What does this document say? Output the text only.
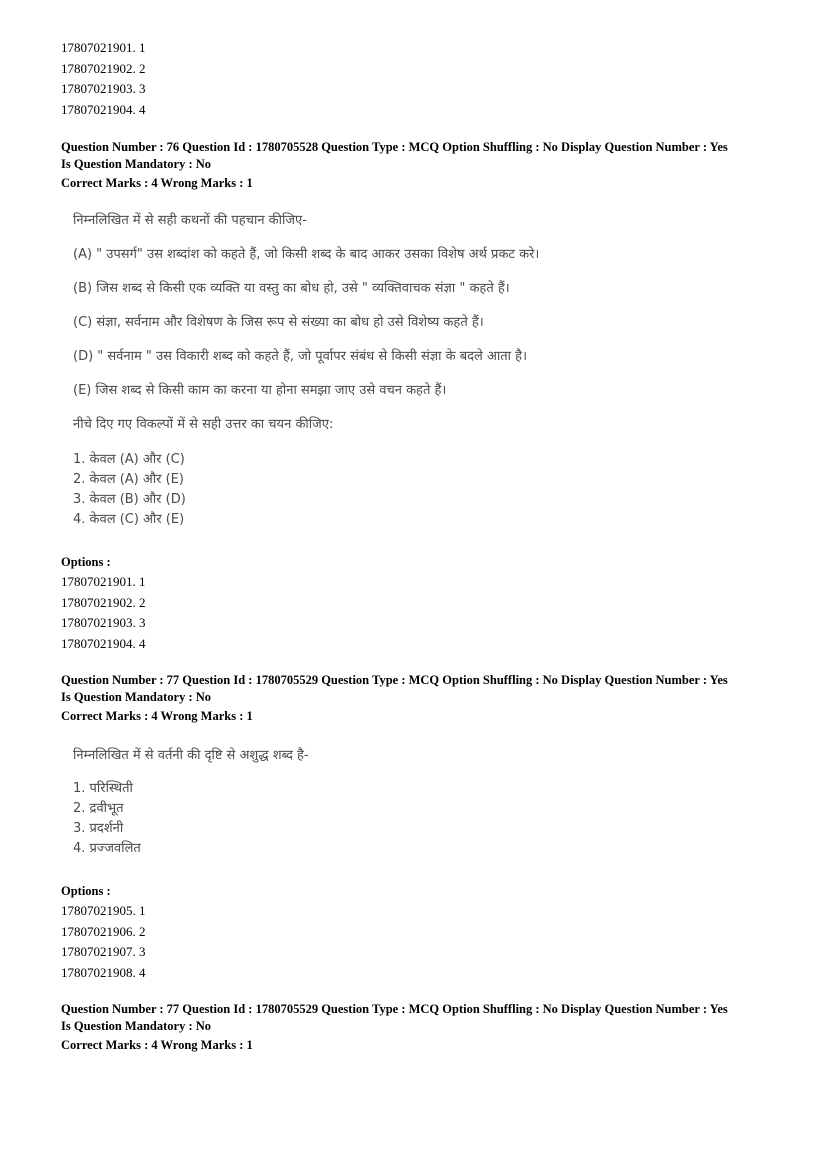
17807021901. 1
17807021902. 2
17807021903. 3
17807021904. 4
Question Number : 76 Question Id : 1780705528 Question Type : MCQ Option Shuffling : No Display Question Number : Yes
Is Question Mandatory : No
Correct Marks : 4 Wrong Marks : 1
निम्नलिखित में से सही कथनों की पहचान कीजिए-
(A) " उपसर्ग" उस शब्दांश को कहते हैं, जो किसी शब्द के बाद आकर उसका विशेष अर्थ प्रकट करे।
(B) जिस शब्द से किसी एक व्यक्ति या वस्तु का बोध हो, उसे " व्यक्तिवाचक संज्ञा " कहते हैं।
(C) संज्ञा, सर्वनाम और विशेषण के जिस रूप से संख्या का बोध हो उसे विशेष्य कहते हैं।
(D) " सर्वनाम " उस विकारी शब्द को कहते हैं, जो पूर्वापर संबंध से किसी संज्ञा के बदले आता है।
(E) जिस शब्द से किसी काम का करना या होना समझा जाए उसे वचन कहते हैं।
नीचे दिए गए विकल्पों में से सही उत्तर का चयन कीजिए:
1. केवल (A) और (C)
2. केवल (A) और (E)
3. केवल (B) और (D)
4. केवल (C) और (E)
Options :
17807021901. 1
17807021902. 2
17807021903. 3
17807021904. 4
Question Number : 77 Question Id : 1780705529 Question Type : MCQ Option Shuffling : No Display Question Number : Yes
Is Question Mandatory : No
Correct Marks : 4 Wrong Marks : 1
निम्नलिखित में से वर्तनी की दृष्टि से अशुद्ध शब्द है-
1. परिस्थिती
2. द्रवीभूत
3. प्रदर्शनी
4. प्रज्जवलित
Options :
17807021905. 1
17807021906. 2
17807021907. 3
17807021908. 4
Question Number : 77 Question Id : 1780705529 Question Type : MCQ Option Shuffling : No Display Question Number : Yes
Is Question Mandatory : No
Correct Marks : 4 Wrong Marks : 1
